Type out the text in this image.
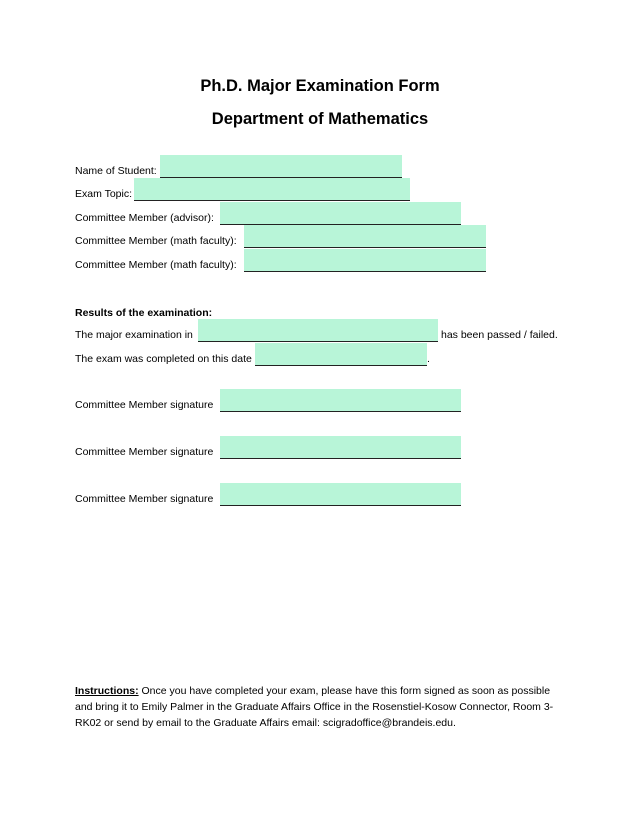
Ph.D. Major Examination Form
Department of Mathematics
Name of Student:
Exam Topic:
Committee Member (advisor):
Committee Member (math faculty):
Committee Member (math faculty):
Results of the examination:
The major examination in	has been passed / failed.
The exam was completed on this date	.
Committee Member signature
Committee Member signature
Committee Member signature
Instructions: Once you have completed your exam, please have this form signed as soon as possible and bring it to Emily Palmer in the Graduate Affairs Office in the Rosenstiel-Kosow Connector, Room 3-RK02 or send by email to the Graduate Affairs email: scigradoffice@brandeis.edu.
